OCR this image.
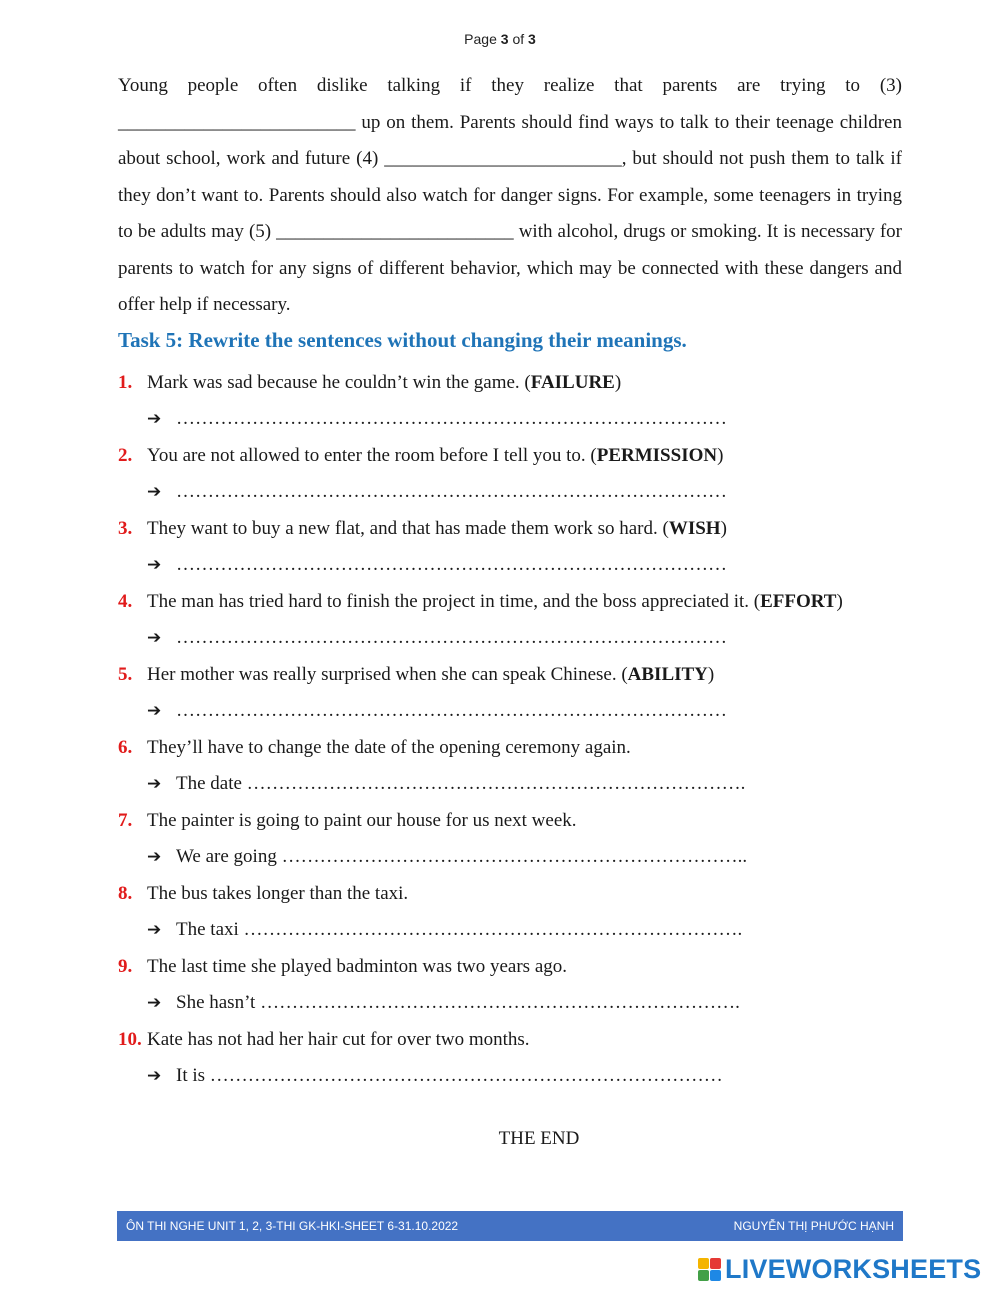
Page 3 of 3

Young people often dislike talking if they realize that parents are trying to (3) _________________________ up on them. Parents should find ways to talk to their teenage children about school, work and future (4) _________________________, but should not push them to talk if they don’t want to. Parents should also watch for danger signs. For example, some teenagers in trying to be adults may (5) _________________________ with alcohol, drugs or smoking. It is necessary for parents to watch for any signs of different behavior, which may be connected with these dangers and offer help if necessary.

Task 5: Rewrite the sentences without changing their meanings.
1. Mark was sad because he couldn’t win the game. (FAILURE)
➔ ……………………………………………………………………………
2. You are not allowed to enter the room before I tell you to. (PERMISSION)
➔ ……………………………………………………………………………
3. They want to buy a new flat, and that has made them work so hard. (WISH)
➔ ……………………………………………………………………………
4. The man has tried hard to finish the project in time, and the boss appreciated it. (EFFORT)
➔ ……………………………………………………………………………
5. Her mother was really surprised when she can speak Chinese. (ABILITY)
➔ ……………………………………………………………………………
6. They’ll have to change the date of the opening ceremony again.
➔ The date …………………………………………………………………….
7. The painter is going to paint our house for us next week.
➔ We are going ………………………………………………………………..
8. The bus takes longer than the taxi.
➔ The taxi …………………………………………………………………….
9. The last time she played badminton was two years ago.
➔ She hasn’t ………………………………………………………………….
10. Kate has not had her hair cut for over two months.
➔ It is ………………………………………………………………………
THE END
ÔN THI NGHE UNIT 1, 2, 3-THI GK-HKI-SHEET 6-31.10.2022	NGUYỄN THỊ PHƯỚC HẠNH
LIVEWORKSHEETS
